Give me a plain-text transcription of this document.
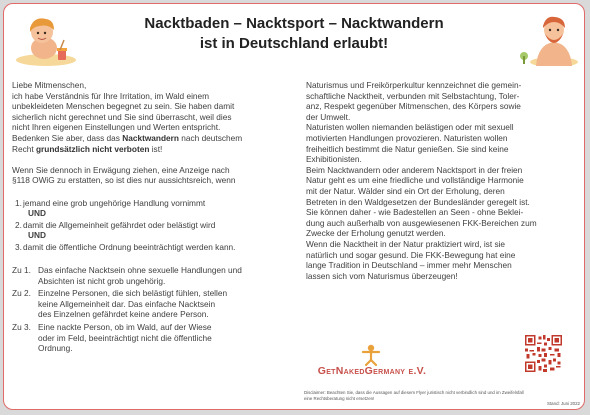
Nacktbaden – Nacktsport – Nacktwandern
ist in Deutschland erlaubt!

Liebe Mitmenschen,

ich habe Verständnis für Ihre Irritation, im Wald einem

unbekleideten Menschen begegnet zu sein. Sie haben damit

sicherlich nicht gerechnet und Sie sind überrascht, weil dies

nicht Ihren eigenen Einstellungen und Werten entspricht.

Bedenken Sie aber, dass das Nacktwandern nach deutschem

Recht grundsätzlich nicht verboten ist!

Wenn Sie dennoch in Erwägung ziehen, eine Anzeige nach

§118 OWiG zu erstatten, so ist dies nur aussichtsreich, wenn

1. jemand eine grob ungehörige Handlung vornimmt
UND
2. damit die Allgemeinheit gefährdet oder belästigt wird
UND
3. damit die öffentliche Ordnung beeinträchtigt werden kann.
Zu 1. Das einfache Nacktsein ohne sexuelle Handlungen und
Absichten ist nicht grob ungehörig.
Zu 2. Einzelne Personen, die sich belästigt fühlen, stellen
keine Allgemeinheit dar. Das einfache Nacktsein
des Einzelnen gefährdet keine andere Person.
Zu 3. Eine nackte Person, ob im Wald, auf der Wiese
oder im Feld, beeinträchtigt nicht die öffentliche
Ordnung.

Naturismus und Freikörperkultur kennzeichnet die gemein-

schaftliche Nacktheit, verbunden mit Selbstachtung, Toler-

anz, Respekt gegenüber Mitmenschen, des Körpers sowie

der Umwelt.

Naturisten wollen niemanden belästigen oder mit sexuell

motivierten Handlungen provozieren. Naturisten wollen

freiheitlich bestimmt die Natur genießen. Sie sind keine

Exhibitionisten.

Beim Nacktwandern oder anderem Nacktsport in der freien

Natur geht es um eine friedliche und vollständige Harmonie

mit der Natur. Wälder sind ein Ort der Erholung, deren

Betreten in den Waldgesetzen der Bundesländer geregelt ist.

Sie können daher - wie Badestellen an Seen - ohne Beklei-

dung auch außerhalb von ausgewiesenen FKK-Bereichen zum

Zwecke der Erholung genutzt werden.

Wenn die Nacktheit in der Natur praktiziert wird, ist sie

natürlich und sogar gesund. Die FKK-Bewegung hat eine

lange Tradition in Deutschland – immer mehr Menschen

lassen sich vom Naturismus überzeugen!

GetNakedGermany e.V.
Disclaimer: Beachten Sie, dass die Aussagen auf diesem Flyer juristisch nicht verbindlich sind und im Zweifelsfall
eine Rechtsberatung nicht ersetzen!
Stand: Juni 2022
